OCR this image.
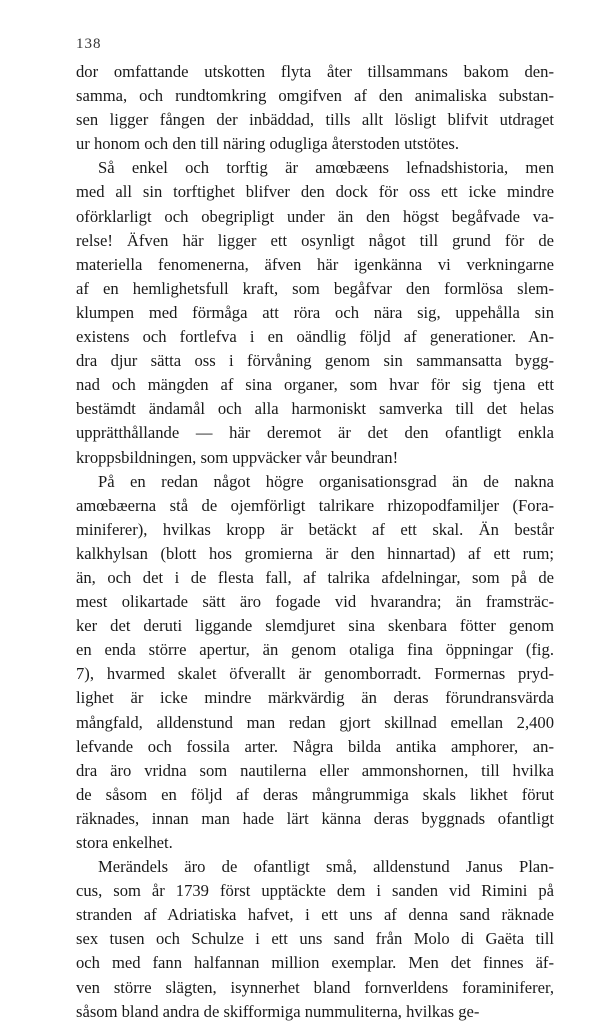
138
dor omfattande utskotten flyta åter tillsammans bakom den-
samma, och rundtomkring omgifven af den animaliska substan-
sen ligger fången der inbäddad, tills allt lösligt blifvit utdraget
ur honom och den till näring odugliga återstoden utstötes.
Så enkel och torftig är amœbæens lefnadshistoria, men
med all sin torftighet blifver den dock för oss ett icke mindre
oförklarligt och obegripligt under än den högst begåfvade va-
relse! Äfven här ligger ett osynligt något till grund för de
materiella fenomenerna, äfven här igenkänna vi verkningarne
af en hemlighetsfull kraft, som begåfvar den formlösa slem-
klumpen med förmåga att röra och nära sig, uppehålla sin
existens och fortlefva i en oändlig följd af generationer. An-
dra djur sätta oss i förvåning genom sin sammansatta bygg-
nad och mängden af sina organer, som hvar för sig tjena ett
bestämdt ändamål och alla harmoniskt samverka till det helas
upprätthållande — här deremot är det den ofantligt enkla
kroppsbildningen, som uppväcker vår beundran!
På en redan något högre organisationsgrad än de nakna
amœbæerna stå de ojemförligt talrikare rhizopodfamiljer (Fora-
miniferer), hvilkas kropp är betäckt af ett skal. Än består
kalkhylsan (blott hos gromierna är den hinnartad) af ett rum;
än, och det i de flesta fall, af talrika afdelningar, som på de
mest olikartade sätt äro fogade vid hvarandra; än framsträc-
ker det deruti liggande slemdjuret sina skenbara fötter genom
en enda större apertur, än genom otaliga fina öppningar (fig.
7), hvarmed skalet öfverallt är genomborradt. Formernas pryd-
lighet är icke mindre märkvärdig än deras förundransvärda
mångfald, alldenstund man redan gjort skillnad emellan 2,400
lefvande och fossila arter. Några bilda antika amphorer, an-
dra äro vridna som nautilerna eller ammonshornen, till hvilka
de såsom en följd af deras mångrummiga skals likhet förut
räknades, innan man hade lärt känna deras byggnads ofantligt
stora enkelhet.
Merändels äro de ofantligt små, alldenstund Janus Plan-
cus, som år 1739 först upptäckte dem i sanden vid Rimini på
stranden af Adriatiska hafvet, i ett uns af denna sand räknade
sex tusen och Schulze i ett uns sand från Molo di Gaëta till
och med fann halfannan million exemplar. Men det finnes äf-
ven större slägten, isynnerhet bland fornverldens foraminiferer,
såsom bland andra de skifformiga nummuliterna, hvilkas ge-
